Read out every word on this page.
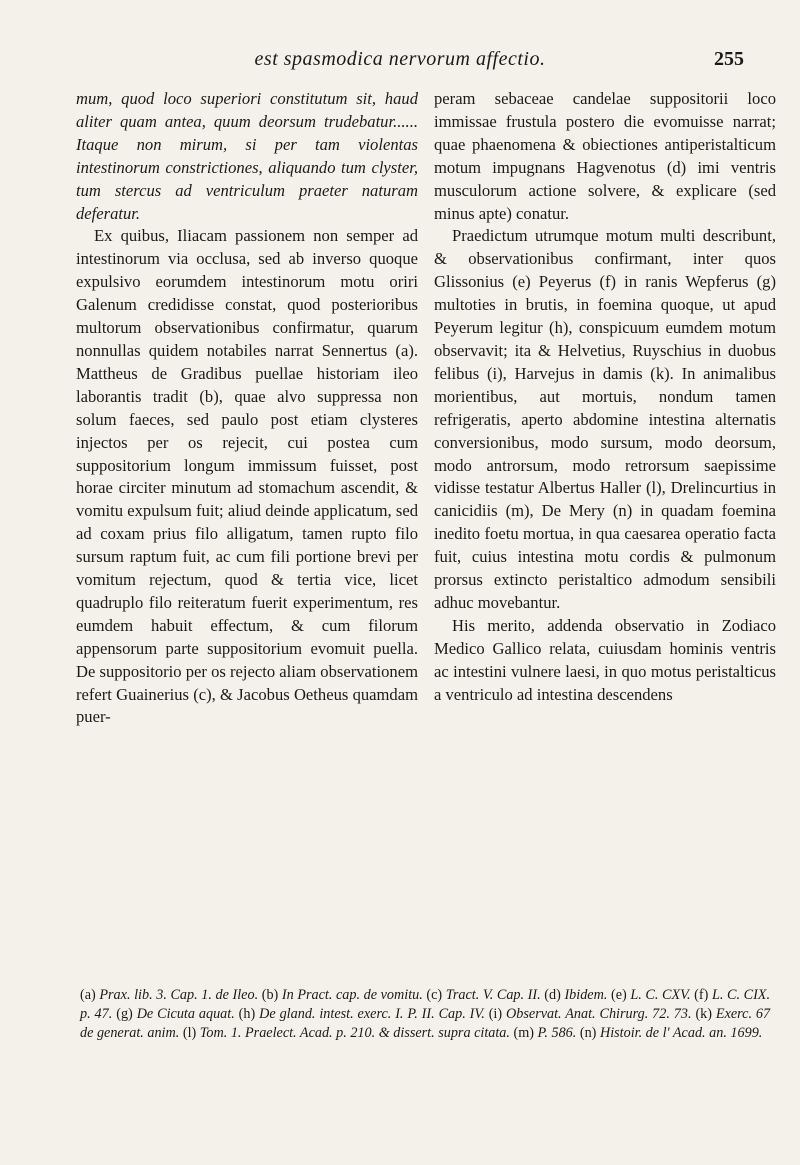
est spasmodica nervorum affectio.	255

mum, quod loco superiori constitutum sit, haud aliter quam antea, quum deorsum trudebatur...... Itaque non mirum, si per tam violentas intestinorum constrictiones, aliquando tum clyster, tum stercus ad ventriculum praeter naturam deferatur.

Ex quibus, Iliacam passionem non semper ad intestinorum via occlusa, sed ab inverso quoque expulsivo eorumdem intestinorum motu oriri Galenum credidisse constat, quod posterioribus multorum observationibus confirmatur, quarum nonnullas quidem notabiles narrat Sennertus (a). Mattheus de Gradibus puellae historiam ileo laborantis tradit (b), quae alvo suppressa non solum faeces, sed paulo post etiam clysteres injectos per os rejecit, cui postea cum suppositorium longum immissum fuisset, post horae circiter minutum ad stomachum ascendit, & vomitu expulsum fuit; aliud deinde applicatum, sed ad coxam prius filo alligatum, tamen rupto filo sursum raptum fuit, ac cum fili portione brevi per vomitum rejectum, quod & tertia vice, licet quadruplo filo reiteratum fuerit experimentum, res eumdem habuit effectum, & cum filorum appensorum parte suppositorium evomuit puella. De suppositorio per os rejecto aliam observationem refert Guainerius (c), & Jacobus Oetheus quamdam puer-

peram sebaceae candelae suppositorii loco immissae frustula postero die evomuisse narrat; quae phaenomena & obiectiones antiperistalticum motum impugnans Hagvenotus (d) imi ventris musculorum actione solvere, & explicare (sed minus apte) conatur.

Praedictum utrumque motum multi describunt, & observationibus confirmant, inter quos Glissonius (e) Peyerus (f) in ranis Wepferus (g) multoties in brutis, in foemina quoque, ut apud Peyerum legitur (h), conspicuum eumdem motum observavit; ita & Helvetius, Ruyschius in duobus felibus (i), Harvejus in damis (k). In animalibus morientibus, aut mortuis, nondum tamen refrigeratis, aperto abdomine intestina alternatis conversionibus, modo sursum, modo deorsum, modo antrorsum, modo retrorsum saepissime vidisse testatur Albertus Haller (l), Drelincurtius in canicidiis (m), De Mery (n) in quadam foemina inedito foetu mortua, in qua caesarea operatio facta fuit, cuius intestina motu cordis & pulmonum prorsus extincto peristaltico admodum sensibili adhuc movebantur.

His merito, addenda observatio in Zodiaco Medico Gallico relata, cuiusdam hominis ventris ac intestini vulnere laesi, in quo motus peristalticus a ventriculo ad intestina descendens

(a) Prax. lib. 3. Cap. 1. de Ileo. (b) In Pract. cap. de vomitu. (c) Tract. V. Cap. II. (d) Ibidem. (e) L. C. CXV. (f) L. C. CIX. p. 47. (g) De Cicuta aquat. (h) De gland. intest. exerc. I. P. II. Cap. IV. (i) Observat. Anat. Chirurg. 72. 73. (k) Exerc. 67 de generat. anim. (l) Tom. 1. Praelect. Acad. p. 210. & dissert. supra citata. (m) P. 586. (n) Histoir. de l' Acad. an. 1699.
